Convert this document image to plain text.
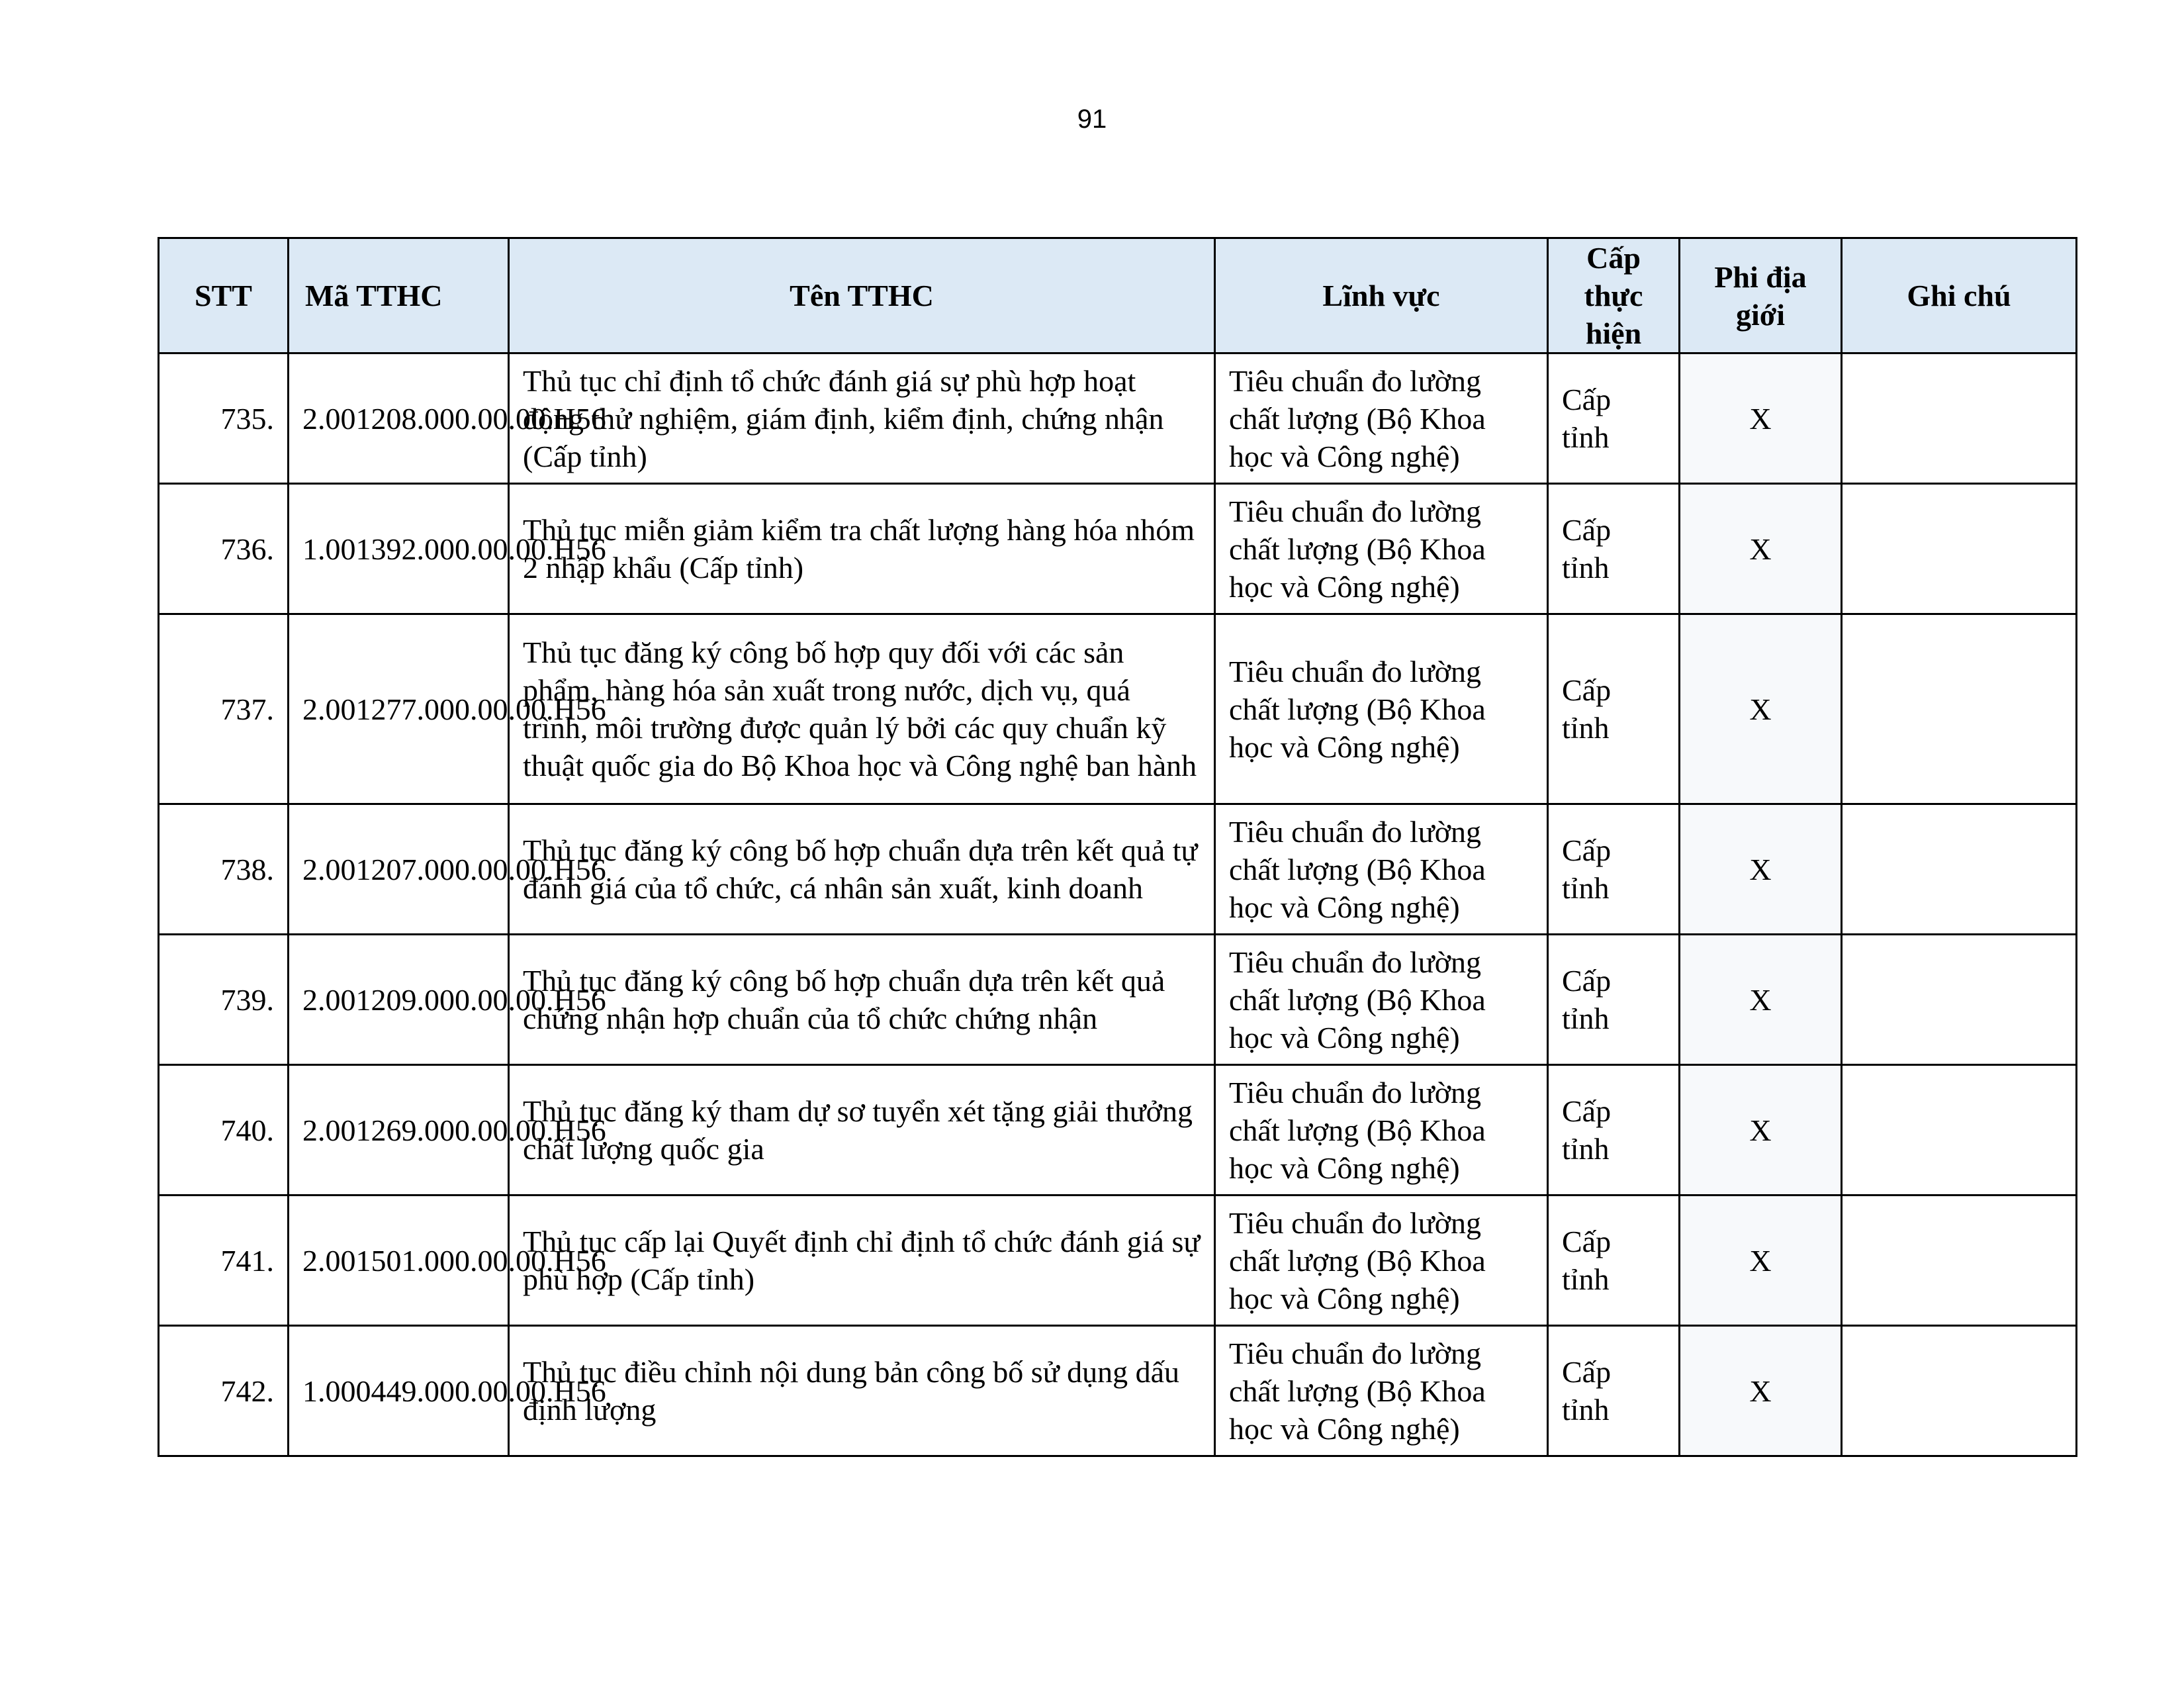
91
STT	Mã TTHC	Tên TTHC	Lĩnh vực	Cấp thực hiện	Phi địa giới	Ghi chú
735.	2.001208.000.00.00.H56	Thủ tục chỉ định tổ chức đánh giá sự phù hợp hoạt động thử nghiệm, giám định, kiểm định, chứng nhận (Cấp tỉnh)	Tiêu chuẩn đo lường chất lượng (Bộ Khoa học và Công nghệ)	Cấp tỉnh	X	
736.	1.001392.000.00.00.H56	Thủ tục miễn giảm kiểm tra chất lượng hàng hóa nhóm 2 nhập khẩu (Cấp tỉnh)	Tiêu chuẩn đo lường chất lượng (Bộ Khoa học và Công nghệ)	Cấp tỉnh	X	
737.	2.001277.000.00.00.H56	Thủ tục đăng ký công bố hợp quy đối với các sản phẩm, hàng hóa sản xuất trong nước, dịch vụ, quá trình, môi trường được quản lý bởi các quy chuẩn kỹ thuật quốc gia do Bộ Khoa học và Công nghệ ban hành	Tiêu chuẩn đo lường chất lượng (Bộ Khoa học và Công nghệ)	Cấp tỉnh	X	
738.	2.001207.000.00.00.H56	Thủ tục đăng ký công bố hợp chuẩn dựa trên kết quả tự đánh giá của tổ chức, cá nhân sản xuất, kinh doanh	Tiêu chuẩn đo lường chất lượng (Bộ Khoa học và Công nghệ)	Cấp tỉnh	X	
739.	2.001209.000.00.00.H56	Thủ tục đăng ký công bố hợp chuẩn dựa trên kết quả chứng nhận hợp chuẩn của tổ chức chứng nhận	Tiêu chuẩn đo lường chất lượng (Bộ Khoa học và Công nghệ)	Cấp tỉnh	X	
740.	2.001269.000.00.00.H56	Thủ tục đăng ký tham dự sơ tuyển xét tặng giải thưởng chất lượng quốc gia	Tiêu chuẩn đo lường chất lượng (Bộ Khoa học và Công nghệ)	Cấp tỉnh	X	
741.	2.001501.000.00.00.H56	Thủ tục cấp lại Quyết định chỉ định tổ chức đánh giá sự phù hợp (Cấp tỉnh)	Tiêu chuẩn đo lường chất lượng (Bộ Khoa học và Công nghệ)	Cấp tỉnh	X	
742.	1.000449.000.00.00.H56	Thủ tục điều chỉnh nội dung bản công bố sử dụng dấu định lượng	Tiêu chuẩn đo lường chất lượng (Bộ Khoa học và Công nghệ)	Cấp tỉnh	X	
